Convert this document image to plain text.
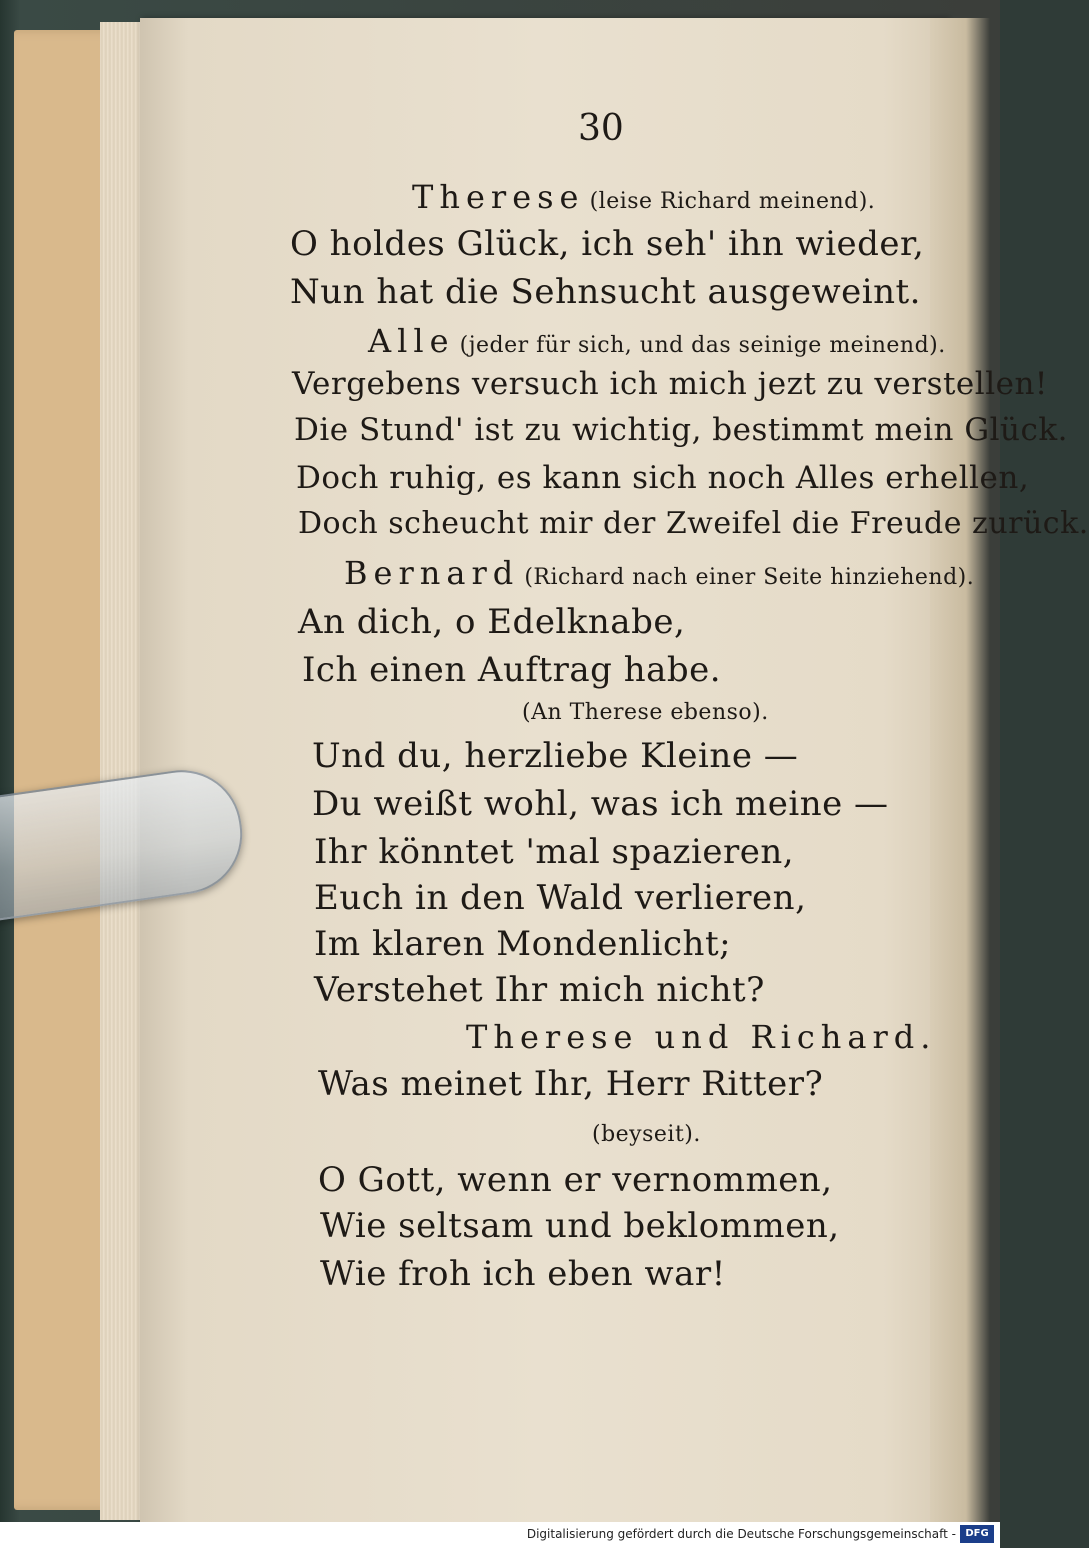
30
Therese (leise Richard meinend).
O holdes Glück, ich seh' ihn wieder,
Nun hat die Sehnsucht ausgeweint.
Alle (jeder für sich, und das seinige meinend).
Vergebens versuch ich mich jezt zu verstellen!
Die Stund' ist zu wichtig, bestimmt mein Glück.
Doch ruhig, es kann sich noch Alles erhellen,
Doch scheucht mir der Zweifel die Freude zurück.
Bernard (Richard nach einer Seite hinziehend).
An dich, o Edelknabe,
Ich einen Auftrag habe.
(An Therese ebenso).
Und du, herzliebe Kleine —
Du weißt wohl, was ich meine —
Ihr könntet 'mal spazieren,
Euch in den Wald verlieren,
Im klaren Mondenlicht;
Verstehet Ihr mich nicht?
Therese und Richard.
Was meinet Ihr, Herr Ritter?
(beyseit).
O Gott, wenn er vernommen,
Wie seltsam und beklommen,
Wie froh ich eben war!
Digitalisierung gefördert durch die Deutsche Forschungsgemeinschaft - DFG
